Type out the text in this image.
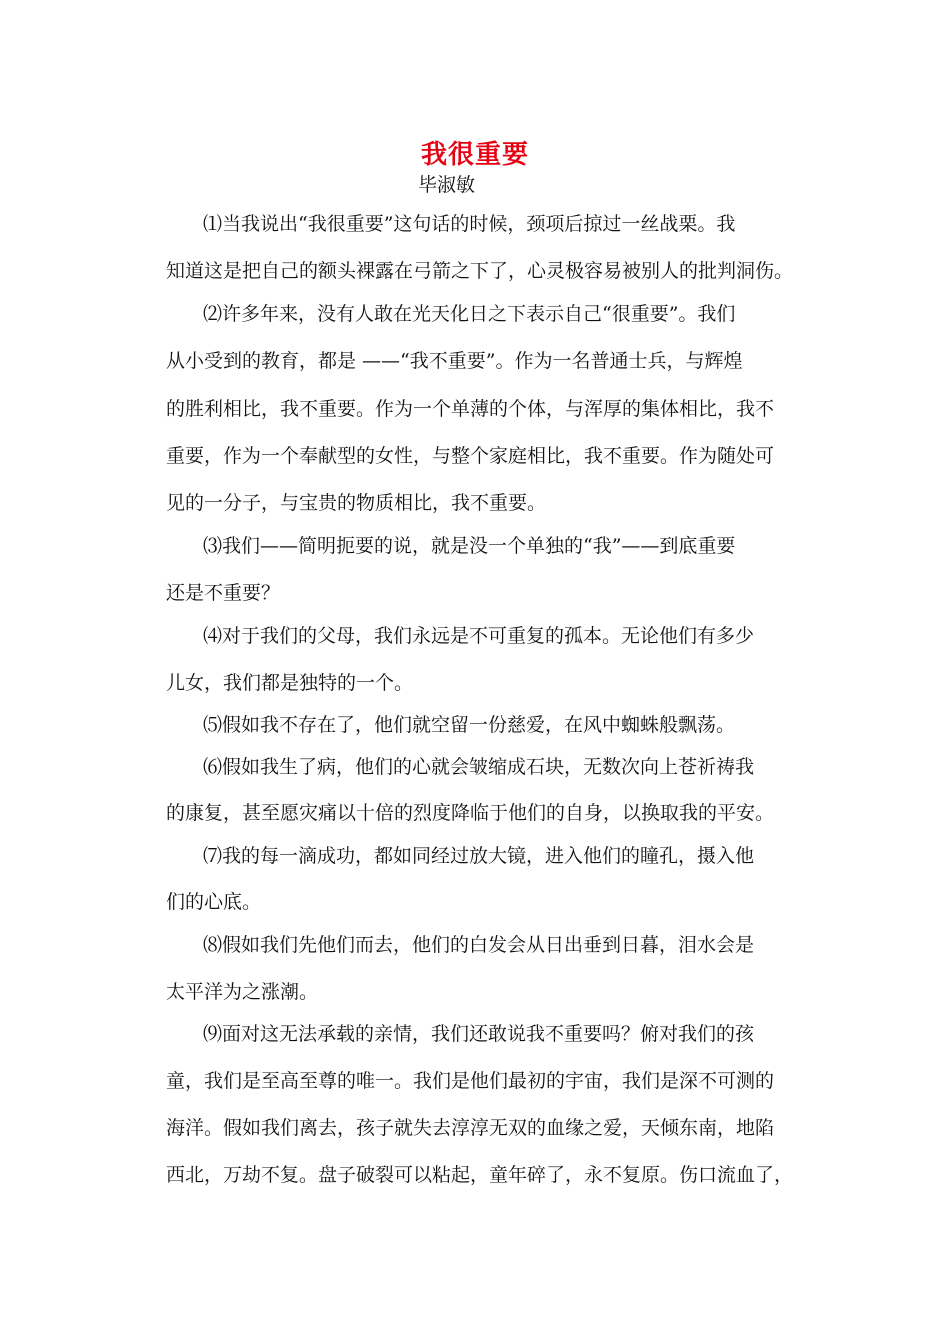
我很重要
毕淑敏
⑴当我说出“我很重要”这句话的时候，颈项后掠过一丝战栗。我
知道这是把自己的额头裸露在弓箭之下了，心灵极容易被别人的批判洞伤。
⑵许多年来，没有人敢在光天化日之下表示自己“很重要”。我们
从小受到的教育，都是 ——“我不重要”。作为一名普通士兵，与辉煌
的胜利相比，我不重要。作为一个单薄的个体，与浑厚的集体相比，我不
重要，作为一个奉献型的女性，与整个家庭相比，我不重要。作为随处可
见的一分子，与宝贵的物质相比，我不重要。
⑶我们——简明扼要的说，就是没一个单独的“我”——到底重要
还是不重要？
⑷对于我们的父母，我们永远是不可重复的孤本。无论他们有多少
儿女，我们都是独特的一个。
⑸假如我不存在了，他们就空留一份慈爱，在风中蜘蛛般飘荡。
⑹假如我生了病，他们的心就会皱缩成石块，无数次向上苍祈祷我
的康复，甚至愿灾痛以十倍的烈度降临于他们的自身，以换取我的平安。
⑺我的每一滴成功，都如同经过放大镜，进入他们的瞳孔，摄入他
们的心底。
⑻假如我们先他们而去，他们的白发会从日出垂到日暮，泪水会是
太平洋为之涨潮。
⑼面对这无法承载的亲情，我们还敢说我不重要吗？俯对我们的孩
童，我们是至高至尊的唯一。我们是他们最初的宇宙，我们是深不可测的
海洋。假如我们离去，孩子就失去淳淳无双的血缘之爱，天倾东南，地陷
西北，万劫不复。盘子破裂可以粘起，童年碎了，永不复原。伤口流血了，
